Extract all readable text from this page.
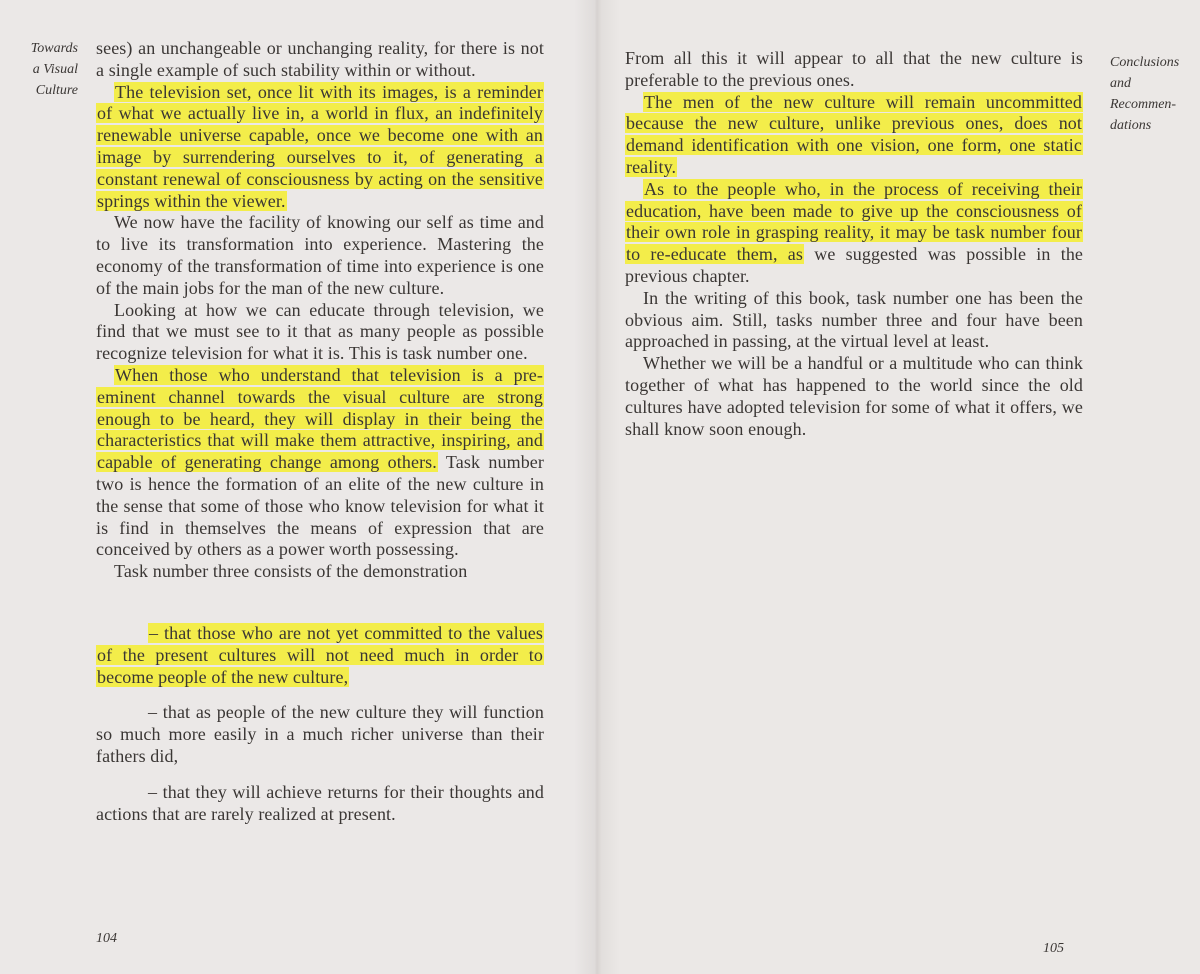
Towards
a Visual
Culture

sees) an unchangeable or unchanging reality, for there is not a single example of such stability within or without.

The television set, once lit with its images, is a reminder of what we actually live in, a world in flux, an indefinitely renewable universe capable, once we become one with an image by surrendering ourselves to it, of generating a constant renewal of consciousness by acting on the sensitive springs within the viewer.

We now have the facility of knowing our self as time and to live its transformation into experience. Mastering the economy of the transformation of time into experience is one of the main jobs for the man of the new culture.

Looking at how we can educate through television, we find that we must see to it that as many people as possible recognize television for what it is. This is task number one.

When those who understand that television is a pre-eminent channel towards the visual culture are strong enough to be heard, they will display in their being the characteristics that will make them attractive, inspiring, and capable of generating change among others. Task number two is hence the formation of an elite of the new culture in the sense that some of those who know television for what it is find in themselves the means of expression that are conceived by others as a power worth possessing.

Task number three consists of the demonstration

– that those who are not yet committed to the values of the present cultures will not need much in order to become people of the new culture,

– that as people of the new culture they will function so much more easily in a much richer universe than their fathers did,

– that they will achieve returns for their thoughts and actions that are rarely realized at present.

104

From all this it will appear to all that the new culture is preferable to the previous ones.

The men of the new culture will remain uncommitted because the new culture, unlike previous ones, does not demand identification with one vision, one form, one static reality.

As to the people who, in the process of receiving their education, have been made to give up the consciousness of their own role in grasping reality, it may be task number four to re-educate them, as we suggested was possible in the previous chapter.

In the writing of this book, task number one has been the obvious aim. Still, tasks number three and four have been approached in passing, at the virtual level at least.

Whether we will be a handful or a multitude who can think together of what has happened to the world since the old cultures have adopted television for some of what it offers, we shall know soon enough.

Conclusions
and
Recommen-
dations

105
